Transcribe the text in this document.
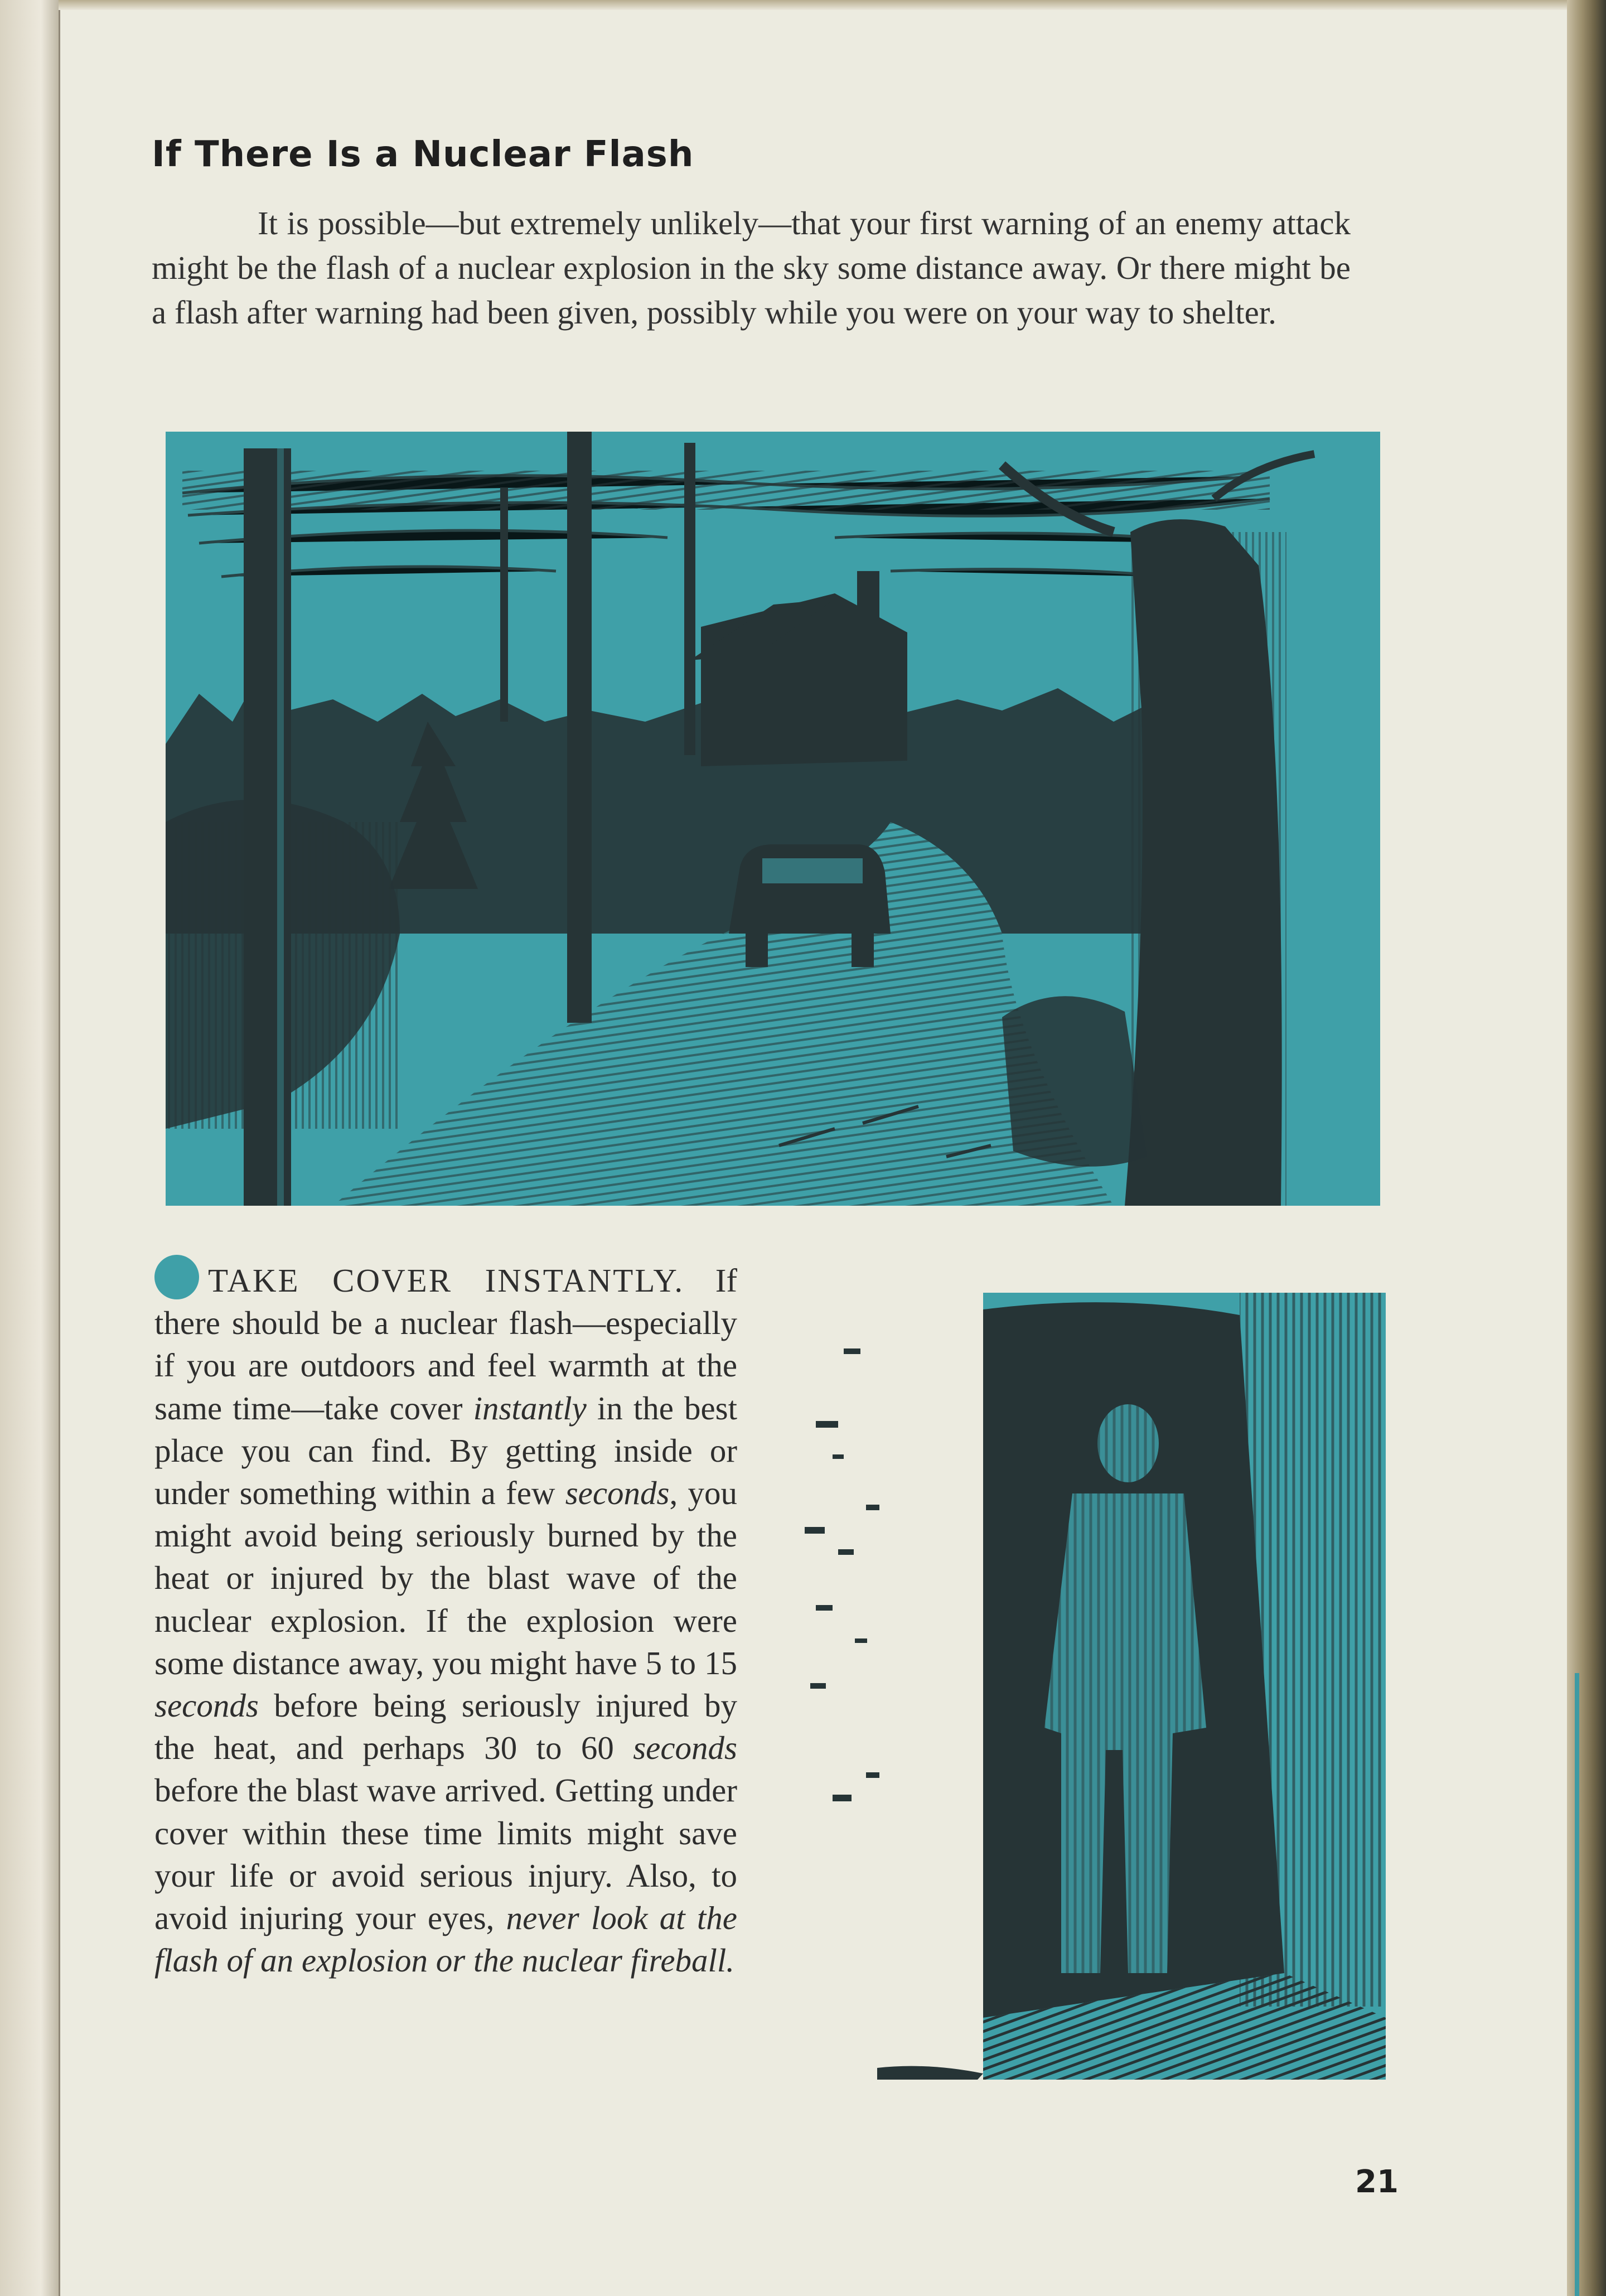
If There Is a Nuclear Flash

It is possible—but extremely unlikely—that your first warning of an enemy attack might be the flash of a nuclear explosion in the sky some distance away. Or there might be a flash after warning had been given, possibly while you were on your way to shelter.

TAKE COVER INSTANTLY. If there should be a nuclear flash—especially if you are outdoors and feel warmth at the same time—take cover instantly in the best place you can find. By getting inside or under something within a few seconds, you might avoid being seriously burned by the heat or injured by the blast wave of the nuclear explosion. If the explosion were some distance away, you might have 5 to 15 seconds before being seriously injured by the heat, and perhaps 30 to 60 seconds before the blast wave arrived. Getting under cover within these time limits might save your life or avoid serious injury. Also, to avoid injuring your eyes, never look at the flash of an explosion or the nuclear fireball.

21
